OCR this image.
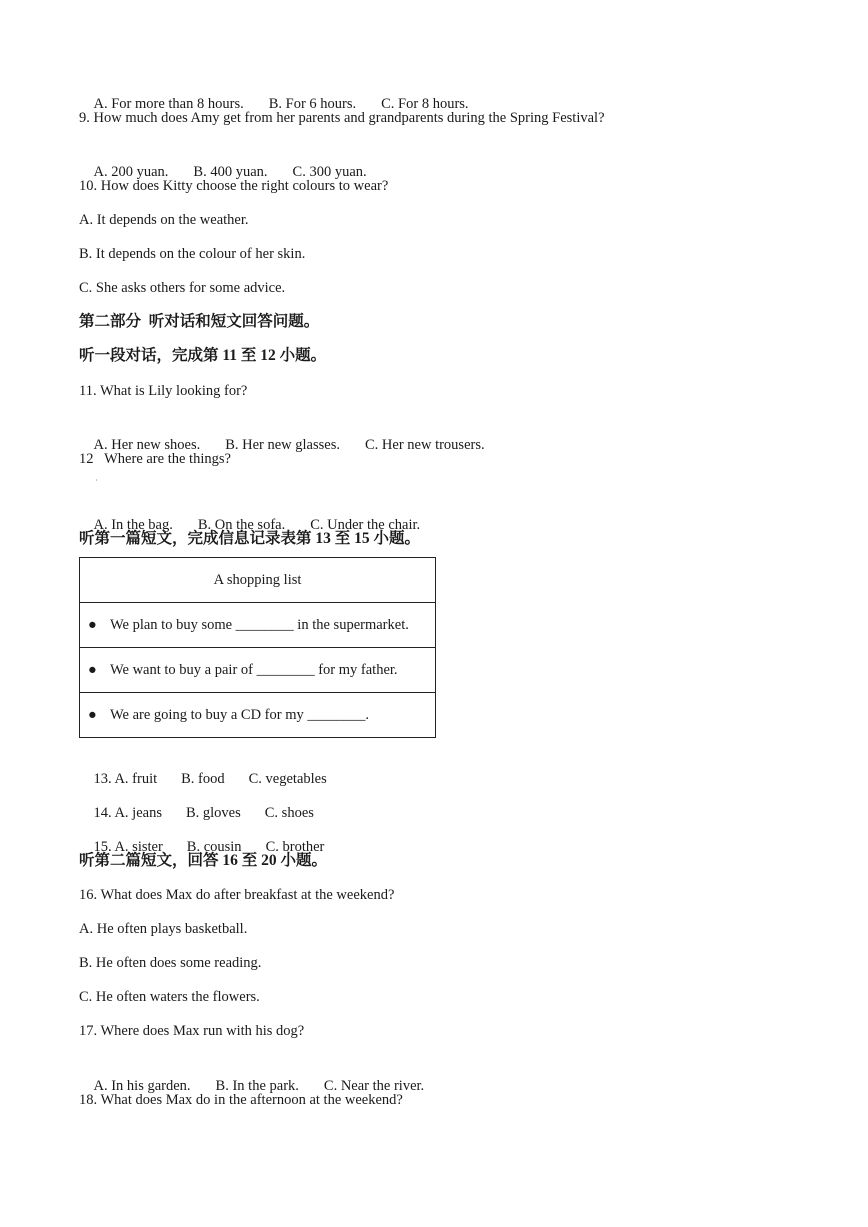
A. For more than 8 hours. B. For 6 hours. C. For 8 hours.

9. How much does Amy get from her parents and grandparents during the Spring Festival?

A. 200 yuan. B. 400 yuan. C. 300 yuan.

10. How does Kitty choose the right colours to wear?
A. It depends on the weather.
B. It depends on the colour of her skin.
C. She asks others for some advice.
第二部分  听对话和短文回答问题。
听一段对话，完成第 11 至 12 小题。
11. What is Lily looking for?

A. Her new shoes. B. Her new glasses. C. Her new trousers.

12   Where are the things?
·

A. In the bag. B. On the sofa. C. Under the chair.

听第一篇短文，完成信息记录表第 13 至 15 小题。
A shopping list
● We plan to buy some ________ in the supermarket.
● We want to buy a pair of ________ for my father.
● We are going to buy a CD for my ________.

13. A. fruit B. food C. vegetables

14. A. jeans B. gloves C. shoes

15. A. sister B. cousin C. brother

听第二篇短文，回答 16 至 20 小题。
16. What does Max do after breakfast at the weekend?
A. He often plays basketball.
B. He often does some reading.
C. He often waters the flowers.
17. Where does Max run with his dog?

A. In his garden. B. In the park. C. Near the river.

18. What does Max do in the afternoon at the weekend?
